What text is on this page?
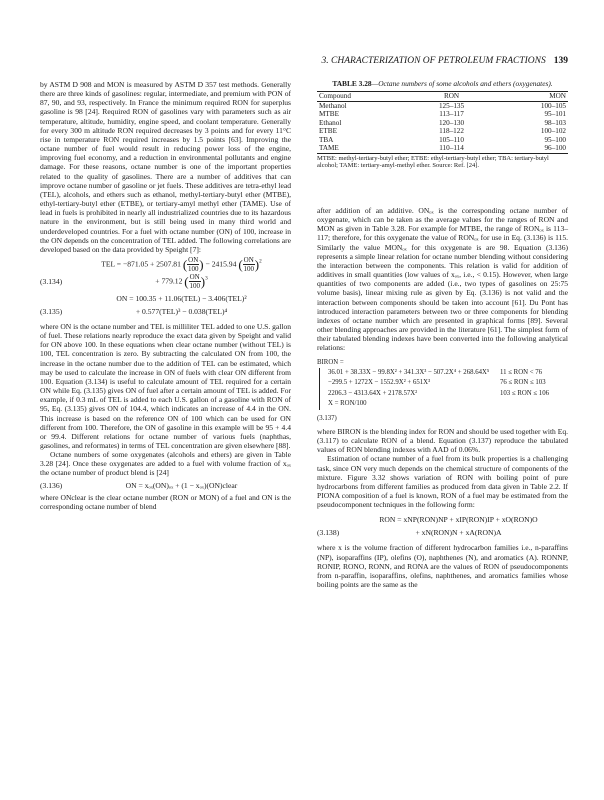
3. CHARACTERIZATION OF PETROLEUM FRACTIONS 139

by ASTM D 908 and MON is measured by ASTM D 357 test methods. Generally there are three kinds of gasolines: regular, intermediate, and premium with PON of 87, 90, and 93, respectively. In France the minimum required RON for superplus gasoline is 98 [24]. Required RON of gasolines vary with parameters such as air temperature, altitude, humidity, engine speed, and coolant temperature. Generally for every 300 m altitude RON required decreases by 3 points and for every 11°C rise in temperature RON required increases by 1.5 points [63]. Improving the octane number of fuel would result in reducing power loss of the engine, improving fuel economy, and a reduction in environmental pollutants and engine damage. For these reasons, octane number is one of the important properties related to the quality of gasolines. There are a number of additives that can improve octane number of gasoline or jet fuels. These additives are tetra-ethyl lead (TEL), alcohols, and ethers such as ethanol, methyl-tertiary-butyl ether (MTBE), ethyl-tertiary-butyl ether (ETBE), or tertiary-amyl methyl ether (TAME). Use of lead in fuels is prohibited in nearly all industrialized countries due to its hazardous nature in the environment, but is still being used in many third world and underdeveloped countries. For a fuel with octane number (ON) of 100, increase in the ON depends on the concentration of TEL added. The following correlations are developed based on the data provided by Speight [7]:

TEL = −871.05 + 2507.81 ( $\frac{ON}{100}$ ) − 2415.94 ( $\frac{ON}{100} )^2$
(3.134)	+ 779.12 ( $\frac{ON}{100} )^3$
ON = 100.35 + 11.06(TEL) − 3.406(TEL)²
(3.135)	+ 0.577(TEL)³ − 0.038(TEL)⁴

where ON is the octane number and TEL is milliliter TEL added to one U.S. gallon of fuel. These relations nearly reproduce the exact data given by Speight and valid for ON above 100. In these equations when clear octane number (without TEL) is 100, TEL concentration is zero. By subtracting the calculated ON from 100, the increase in the octane number due to the addition of TEL can be estimated, which may be used to calculate the increase in ON of fuels with clear ON different from 100. Equation (3.134) is useful to calculate amount of TEL required for a certain ON while Eq. (3.135) gives ON of fuel after a certain amount of TEL is added. For example, if 0.3 mL of TEL is added to each U.S. gallon of a gasoline with RON of 95, Eq. (3.135) gives ON of 104.4, which indicates an increase of 4.4 in the ON. This increase is based on the reference ON of 100 which can be used for ON different from 100. Therefore, the ON of gasoline in this example will be 95 + 4.4 or 99.4. Different relations for octane number of various fuels (naphthas, gasolines, and reformates) in terms of TEL concentration are given elsewhere [88].

Octane numbers of some oxygenates (alcohols and ethers) are given in Table 3.28 [24]. Once these oxygenates are added to a fuel with volume fraction of xₒₓ the octane number of product blend is [24]

(3.136)	ON = xₒₓ(ON)ₒₓ + (1 − xₒₓ)(ON)clear

where ONclear is the clear octane number (RON or MON) of a fuel and ON is the corresponding octane number of blend

TABLE 3.28—Octane numbers of some alcohols and ethers (oxygenates).
Compound	RON	MON
Methanol	125–135	100–105
MTBE	113–117	95–101
Ethanol	120–130	98–103
ETBE	118–122	100–102
TBA	105–110	95–100
TAME	110–114	96–100
MTBE: methyl-tertiary-butyl ether; ETBE: ethyl-tertiary-butyl ether; TBA: tertiary-butyl alcohol; TAME: tertiary-amyl-methyl ether. Source: Ref. [24].

after addition of an additive. ONₒₓ is the corresponding octane number of oxygenate, which can be taken as the average values for the ranges of RON and MON as given in Table 3.28. For example for MTBE, the range of RONₒₓ is 113–117; therefore, for this oxygenate the value of RONₒₓ for use in Eq. (3.136) is 115. Similarly the value MONₒₓ for this oxygenate is are 98. Equation (3.136) represents a simple linear relation for octane number blending without considering the interaction between the components. This relation is valid for addition of additives in small quantities (low values of xₒₓ, i.e., < 0.15). However, when large quantities of two components are added (i.e., two types of gasolines on 25:75 volume basis), linear mixing rule as given by Eq. (3.136) is not valid and the interaction between components should be taken into account [61]. Du Pont has introduced interaction parameters between two or three components for blending indexes of octane number which are presented in graphical forms [89]. Several other blending approaches are provided in the literature [61]. The simplest form of their tabulated blending indexes have been converted into the following analytical relations:

BIRON =
36.01 + 38.33X − 99.8X² + 341.3X³ − 507.2X⁴ + 268.64X⁵	11 ≤ RON < 76
−299.5 + 1272X − 1552.9X² + 651X³	76 ≤ RON ≤ 103
2206.3 − 4313.64X + 2178.57X²	103 ≤ RON ≤ 106
X = RON/100
(3.137)

where BIRON is the blending index for RON and should be used together with Eq. (3.117) to calculate RON of a blend. Equation (3.137) reproduce the tabulated values of RON blending indexes with AAD of 0.06%.

Estimation of octane number of a fuel from its bulk properties is a challenging task, since ON very much depends on the chemical structure of components of the mixture. Figure 3.32 shows variation of RON with boiling point of pure hydrocarbons from different families as produced from data given in Table 2.2. If PIONA composition of a fuel is known, RON of a fuel may be estimated from the pseudocomponent techniques in the following form:

RON = xNP(RON)NP + xIP(RON)IP + xO(RON)O
(3.138)	+ xN(RON)N + xA(RON)A

where x is the volume fraction of different hydrocarbon families i.e., n-paraffins (NP), isoparaffins (IP), olefins (O), naphthenes (N), and aromatics (A). RONNP, RONIP, RONO, RONN, and RONA are the values of RON of pseudocomponents from n-paraffin, isoparaffins, olefins, naphthenes, and aromatics families whose boiling points are the same as the
